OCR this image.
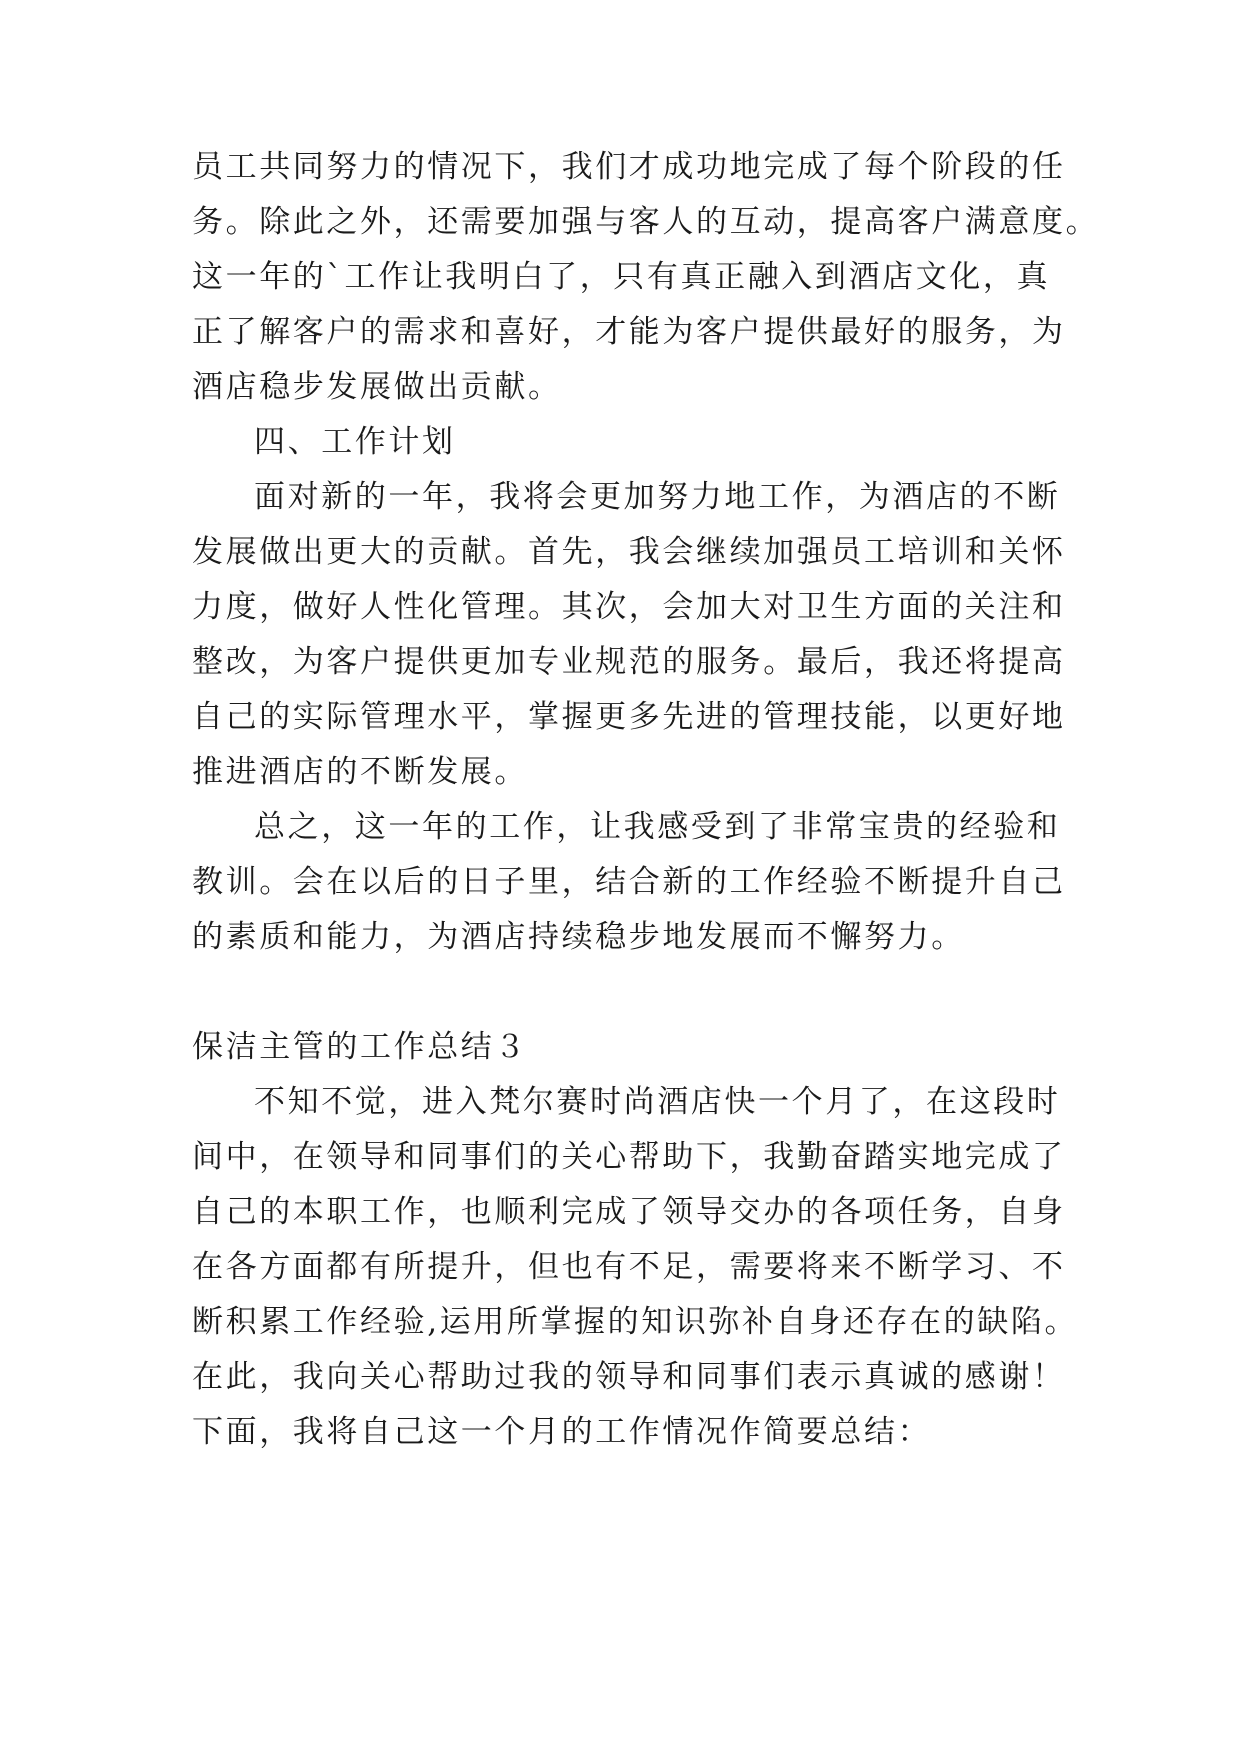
员工共同努力的情况下，我们才成功地完成了每个阶段的任
务。除此之外，还需要加强与客人的互动，提高客户满意度。
这一年的`工作让我明白了，只有真正融入到酒店文化，真
正了解客户的需求和喜好，才能为客户提供最好的服务，为
酒店稳步发展做出贡献。
四、工作计划
面对新的一年，我将会更加努力地工作，为酒店的不断
发展做出更大的贡献。首先，我会继续加强员工培训和关怀
力度，做好人性化管理。其次，会加大对卫生方面的关注和
整改，为客户提供更加专业规范的服务。最后，我还将提高
自己的实际管理水平，掌握更多先进的管理技能，以更好地
推进酒店的不断发展。
总之，这一年的工作，让我感受到了非常宝贵的经验和
教训。会在以后的日子里，结合新的工作经验不断提升自己
的素质和能力，为酒店持续稳步地发展而不懈努力。
保洁主管的工作总结３
不知不觉，进入梵尔赛时尚酒店快一个月了，在这段时
间中，在领导和同事们的关心帮助下，我勤奋踏实地完成了
自己的本职工作，也顺利完成了领导交办的各项任务，自身
在各方面都有所提升，但也有不足，需要将来不断学习、不
断积累工作经验,运用所掌握的知识弥补自身还存在的缺陷。
在此，我向关心帮助过我的领导和同事们表示真诚的感谢！
下面，我将自己这一个月的工作情况作简要总结：
